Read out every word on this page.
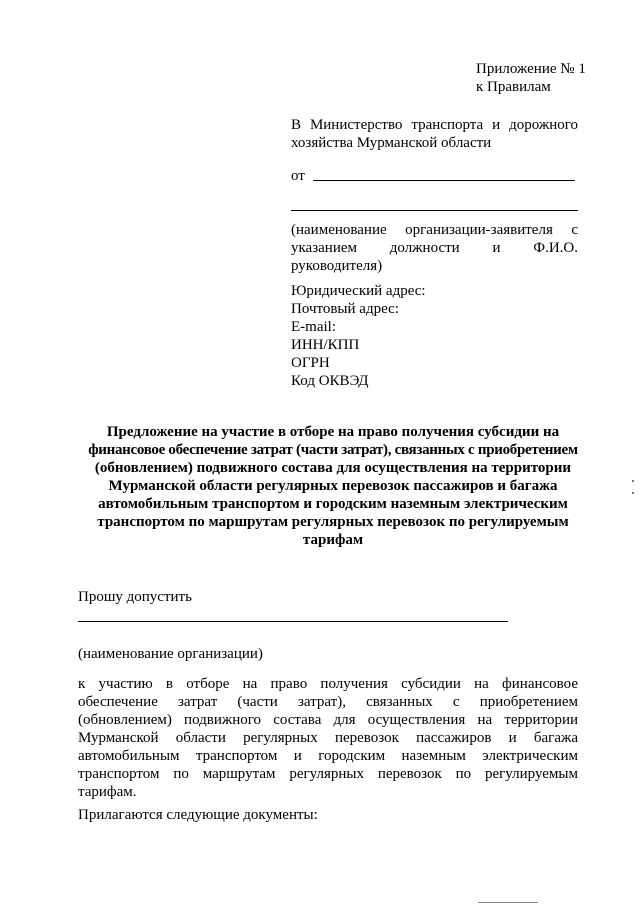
Приложение № 1
к Правилам
В Министерство транспорта и дорожного
хозяйства Мурманской области
от
(наименование организации-заявителя с
указанием должности и Ф.И.О.
руководителя)
Юридический адрес:
Почтовый адрес:
E-mail:
ИНН/КПП
ОГРН
Код ОКВЭД
Предложение на участие в отборе на право получения субсидии на
финансовое обеспечение затрат (части затрат), связанных с приобретением
(обновлением) подвижного состава для осуществления на территории
Мурманской области регулярных перевозок пассажиров и багажа
автомобильным транспортом и городским наземным электрическим
транспортом по маршрутам регулярных перевозок по регулируемым
тарифам
Прошу допустить
(наименование организации)
к участию в отборе на право получения субсидии на финансовое
обеспечение затрат (части затрат), связанных с приобретением
(обновлением) подвижного состава для осуществления на территории
Мурманской области регулярных перевозок пассажиров и багажа
автомобильным транспортом и городским наземным электрическим
транспортом по маршрутам регулярных перевозок по регулируемым
тарифам.
Прилагаются следующие документы:
